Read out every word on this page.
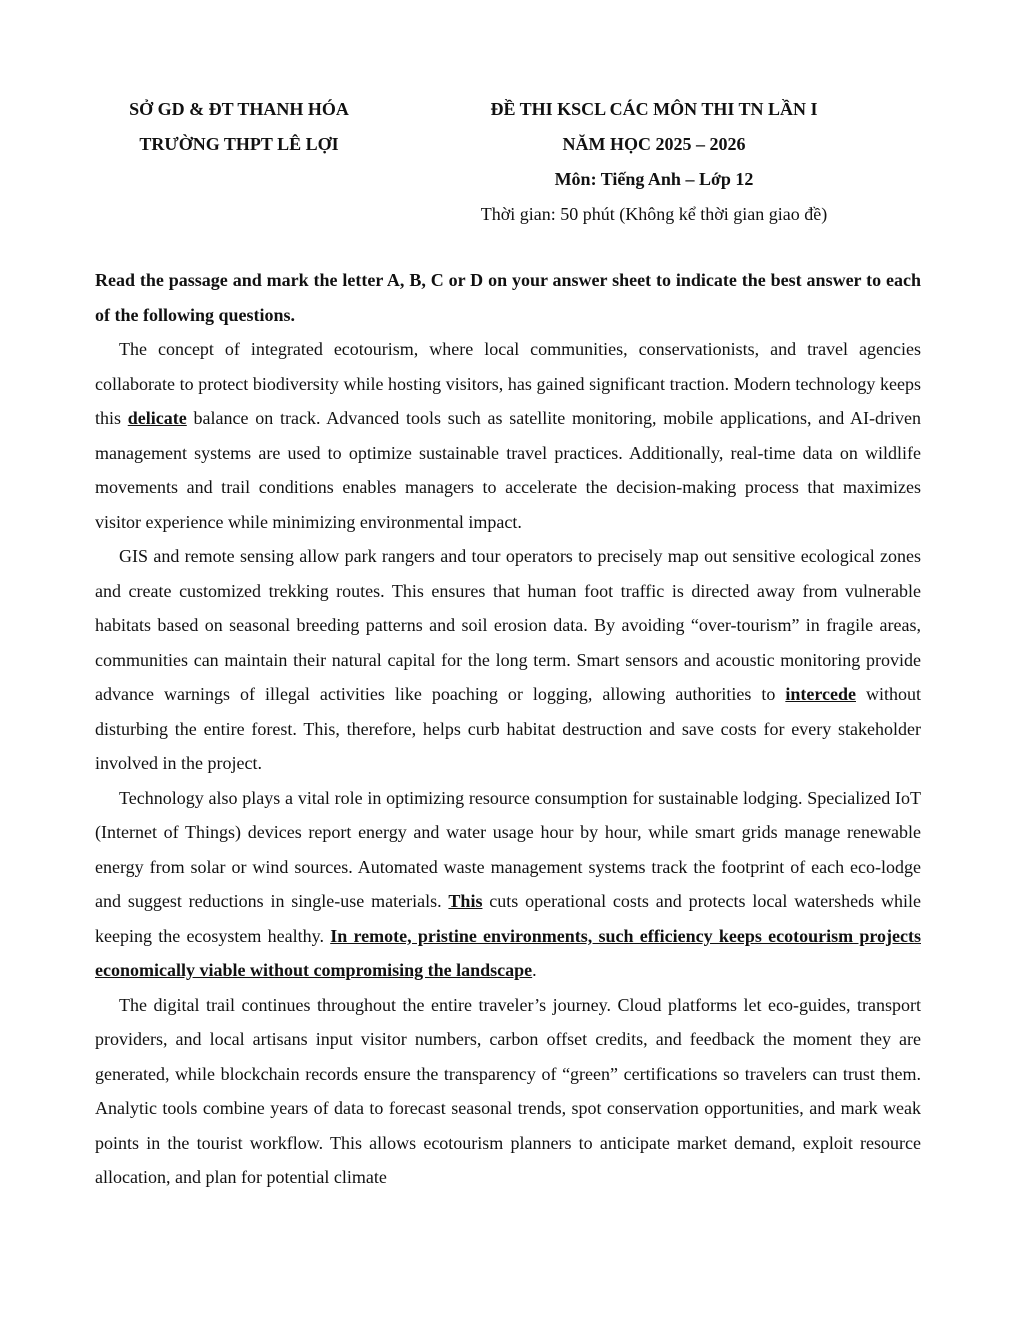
SỞ GD & ĐT THANH HÓA
TRƯỜNG THPT LÊ LỢI
ĐỀ THI KSCL CÁC MÔN THI TN LẦN I
NĂM HỌC 2025 – 2026
Môn: Tiếng Anh – Lớp 12
Thời gian: 50 phút (Không kể thời gian giao đề)

Read the passage and mark the letter A, B, C or D on your answer sheet to indicate the best answer to each of the following questions.

The concept of integrated ecotourism, where local communities, conservationists, and travel agencies collaborate to protect biodiversity while hosting visitors, has gained significant traction. Modern technology keeps this delicate balance on track. Advanced tools such as satellite monitoring, mobile applications, and AI-driven management systems are used to optimize sustainable travel practices. Additionally, real-time data on wildlife movements and trail conditions enables managers to accelerate the decision-making process that maximizes visitor experience while minimizing environmental impact.

GIS and remote sensing allow park rangers and tour operators to precisely map out sensitive ecological zones and create customized trekking routes. This ensures that human foot traffic is directed away from vulnerable habitats based on seasonal breeding patterns and soil erosion data. By avoiding “over-tourism” in fragile areas, communities can maintain their natural capital for the long term. Smart sensors and acoustic monitoring provide advance warnings of illegal activities like poaching or logging, allowing authorities to intercede without disturbing the entire forest. This, therefore, helps curb habitat destruction and save costs for every stakeholder involved in the project.

Technology also plays a vital role in optimizing resource consumption for sustainable lodging. Specialized IoT (Internet of Things) devices report energy and water usage hour by hour, while smart grids manage renewable energy from solar or wind sources. Automated waste management systems track the footprint of each eco-lodge and suggest reductions in single-use materials. This cuts operational costs and protects local watersheds while keeping the ecosystem healthy. In remote, pristine environments, such efficiency keeps ecotourism projects economically viable without compromising the landscape.

The digital trail continues throughout the entire traveler’s journey. Cloud platforms let eco-guides, transport providers, and local artisans input visitor numbers, carbon offset credits, and feedback the moment they are generated, while blockchain records ensure the transparency of “green” certifications so travelers can trust them. Analytic tools combine years of data to forecast seasonal trends, spot conservation opportunities, and mark weak points in the tourist workflow. This allows ecotourism planners to anticipate market demand, exploit resource allocation, and plan for potential climate
